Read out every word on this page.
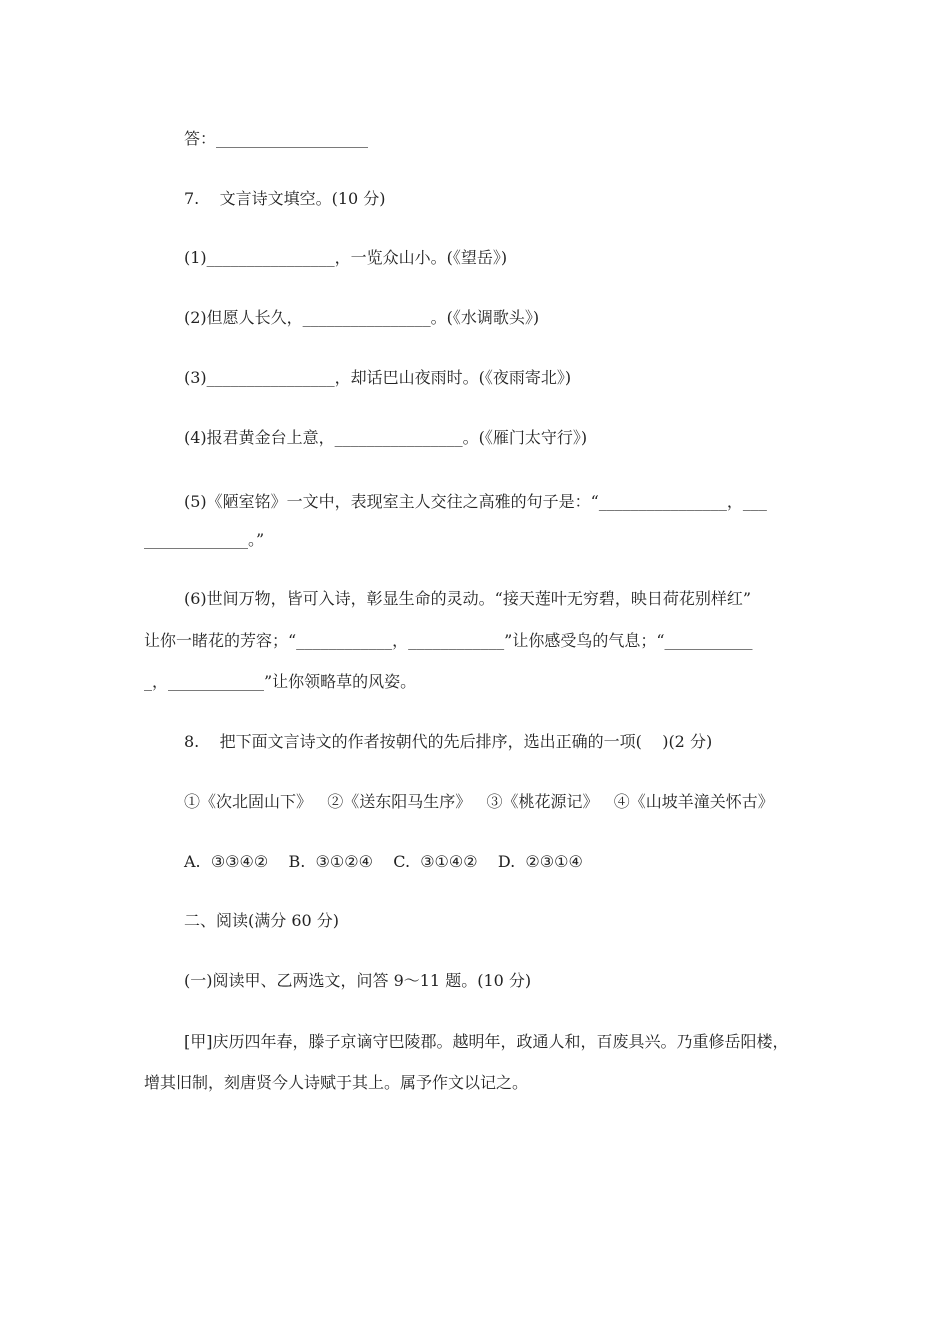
答：___________________
7.    文言诗文填空。(10 分)
(1)________________，一览众山小。(《望岳》)
(2)但愿人长久，________________。(《水调歌头》)
(3)________________，却话巴山夜雨时。(《夜雨寄北》)
(4)报君黄金台上意，________________。(《雁门太守行》)
(5)《陋室铭》一文中，表现室主人交往之高雅的句子是：“________________，___
_____________。”
(6)世间万物，皆可入诗，彰显生命的灵动。“接天莲叶无穷碧，映日荷花别样红”
让你一睹花的芳容；“____________，____________”让你感受鸟的气息；“___________
_，____________”让你领略草的风姿。
8.    把下面文言诗文的作者按朝代的先后排序，选出正确的一项(    )(2 分)
①《次北固山下》   ②《送东阳马生序》   ③《桃花源记》   ④《山坡羊潼关怀古》
A.  ③③④②    B.  ③①②④    C.  ③①④②    D.  ②③①④
二、阅读(满分 60 分)
(一)阅读甲、乙两选文，问答 9～11 题。(10 分)
[甲]庆历四年春，滕子京谪守巴陵郡。越明年，政通人和，百废具兴。乃重修岳阳楼，
增其旧制，刻唐贤今人诗赋于其上。属予作文以记之。
